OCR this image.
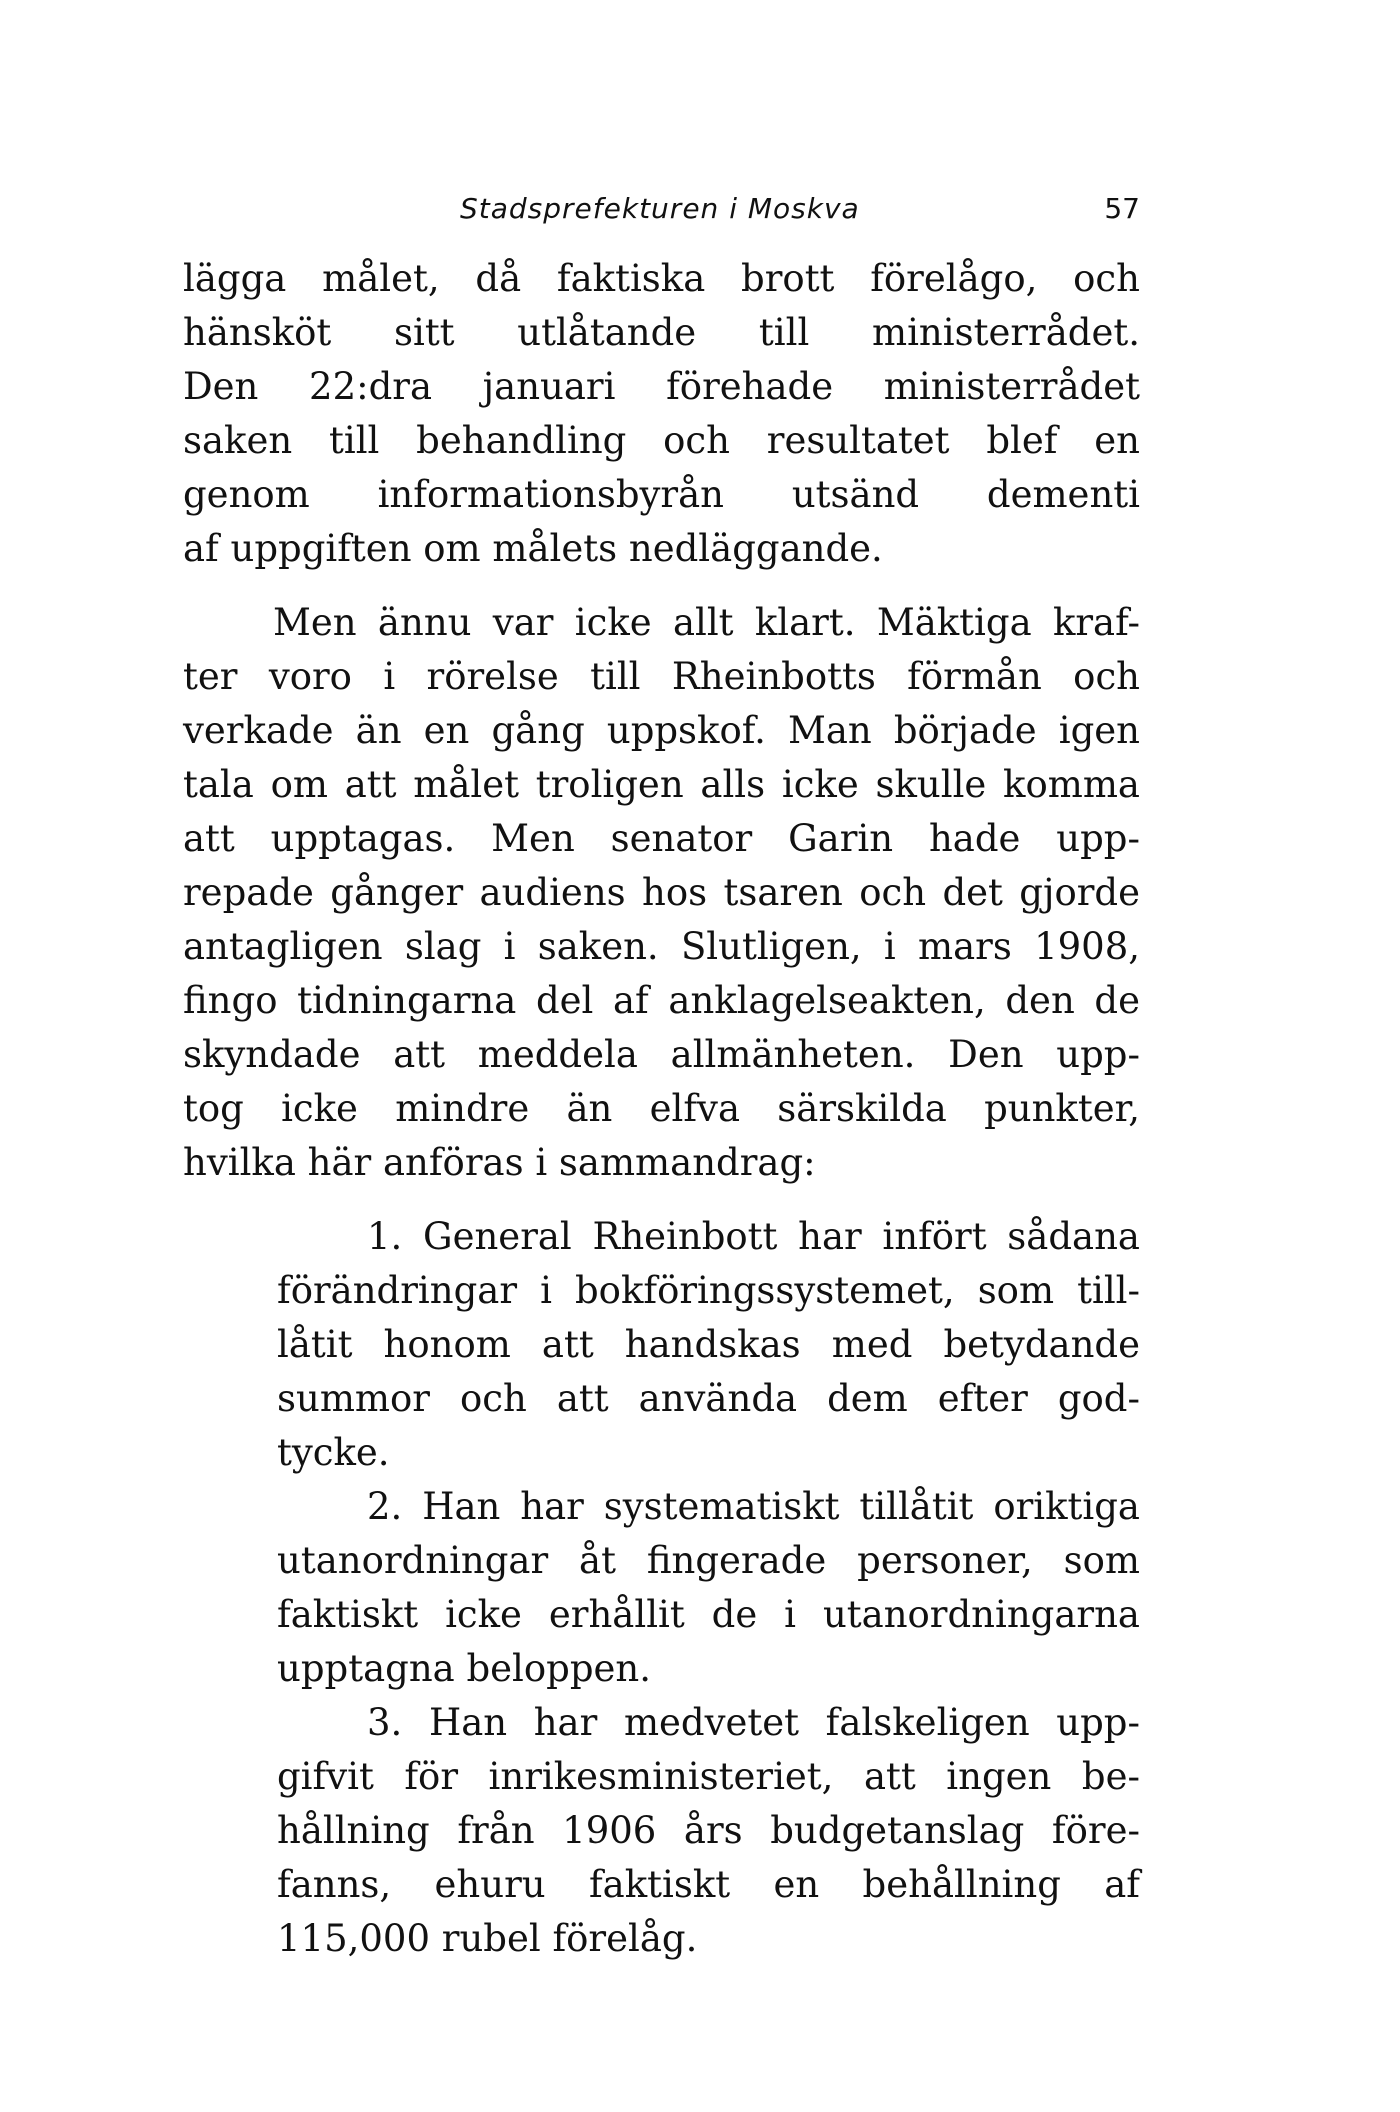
Stadsprefekturen i Moskva	57
lägga målet, då faktiska brott förelågo, och
hänsköt sitt utlåtande till ministerrådet.
Den 22:dra januari förehade ministerrådet
saken till behandling och resultatet blef en
genom informationsbyrån utsänd dementi
af uppgiften om målets nedläggande.
Men ännu var icke allt klart. Mäktiga kraf-
ter voro i rörelse till Rheinbotts förmån och
verkade än en gång uppskof. Man började igen
tala om att målet troligen alls icke skulle komma
att upptagas. Men senator Garin hade upp-
repade gånger audiens hos tsaren och det gjorde
antagligen slag i saken. Slutligen, i mars 1908,
fingo tidningarna del af anklagelseakten, den de
skyndade att meddela allmänheten. Den upp-
tog icke mindre än elfva särskilda punkter,
hvilka här anföras i sammandrag:
1. General Rheinbott har infört sådana
förändringar i bokföringssystemet, som till-
låtit honom att handskas med betydande
summor och att använda dem efter god-
tycke.
2. Han har systematiskt tillåtit oriktiga
utanordningar åt fingerade personer, som
faktiskt icke erhållit de i utanordningarna
upptagna beloppen.
3. Han har medvetet falskeligen upp-
gifvit för inrikesministeriet, att ingen be-
hållning från 1906 års budgetanslag före-
fanns, ehuru faktiskt en behållning af
115,000 rubel förelåg.
